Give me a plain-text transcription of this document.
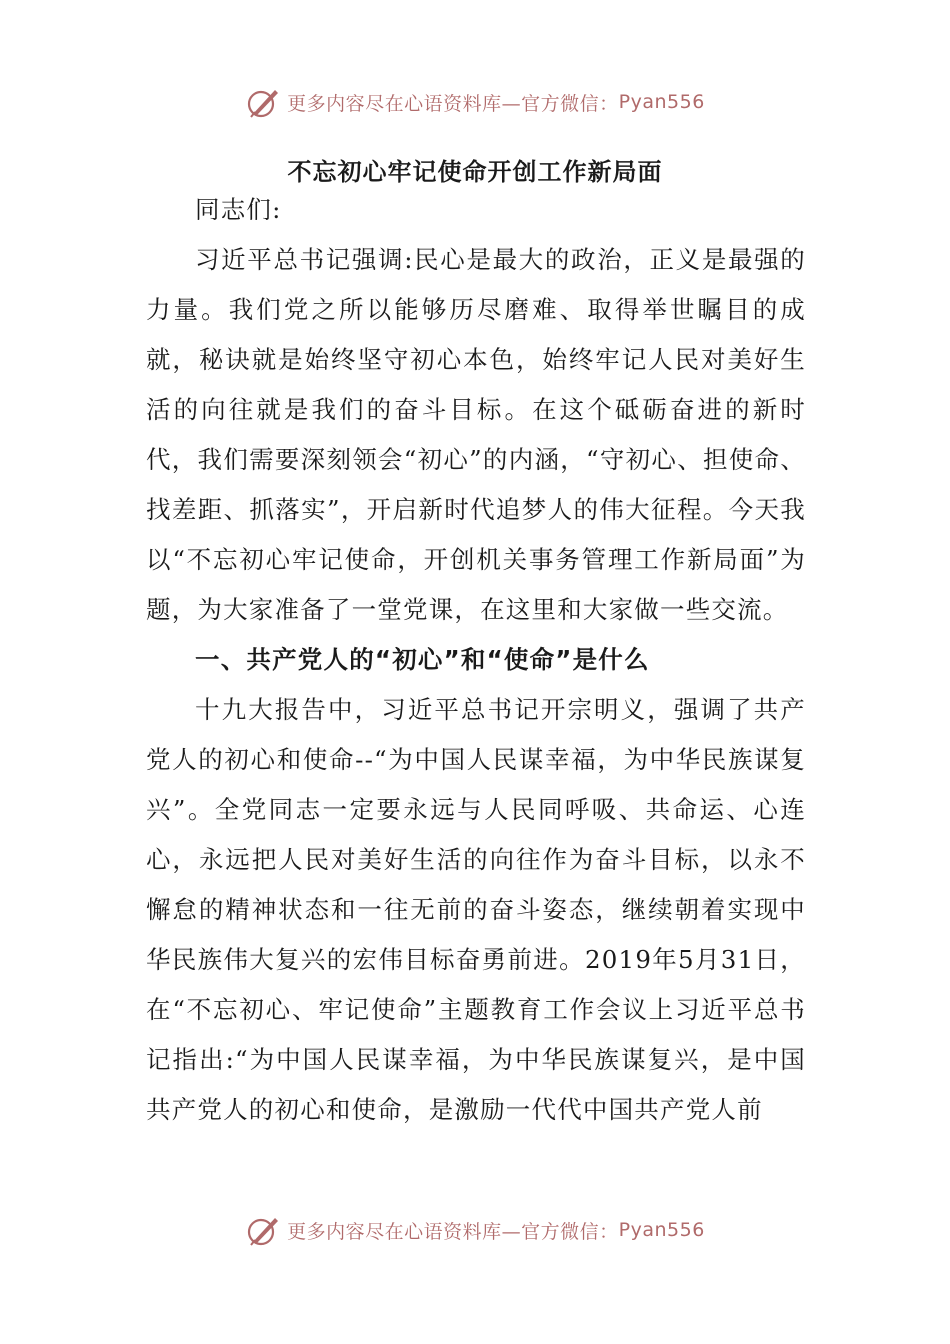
更多内容尽在心语资料库—官方微信： Pyan556
不忘初心牢记使命开创工作新局面

同志们:

习近平总书记强调:民心是最大的政治，正义是最强的力量。我们党之所以能够历尽磨难、取得举世瞩目的成就，秘诀就是始终坚守初心本色，始终牢记人民对美好生活的向往就是我们的奋斗目标。在这个砥砺奋进的新时代，我们需要深刻领会“初心”的内涵，“守初心、担使命、找差距、抓落实”，开启新时代追梦人的伟大征程。今天我以“不忘初心牢记使命，开创机关事务管理工作新局面”为题，为大家准备了一堂党课，在这里和大家做一些交流。

一、共产党人的“初心”和“使命”是什么

十九大报告中，习近平总书记开宗明义，强调了共产党人的初心和使命--“为中国人民谋幸福，为中华民族谋复兴”。全党同志一定要永远与人民同呼吸、共命运、心连心，永远把人民对美好生活的向往作为奋斗目标，以永不懈怠的精神状态和一往无前的奋斗姿态，继续朝着实现中华民族伟大复兴的宏伟目标奋勇前进。2019年5月31日，在“不忘初心、牢记使命”主题教育工作会议上习近平总书记指出:“为中国人民谋幸福，为中华民族谋复兴，是中国共产党人的初心和使命，是激励一代代中国共产党人前

更多内容尽在心语资料库—官方微信： Pyan556
